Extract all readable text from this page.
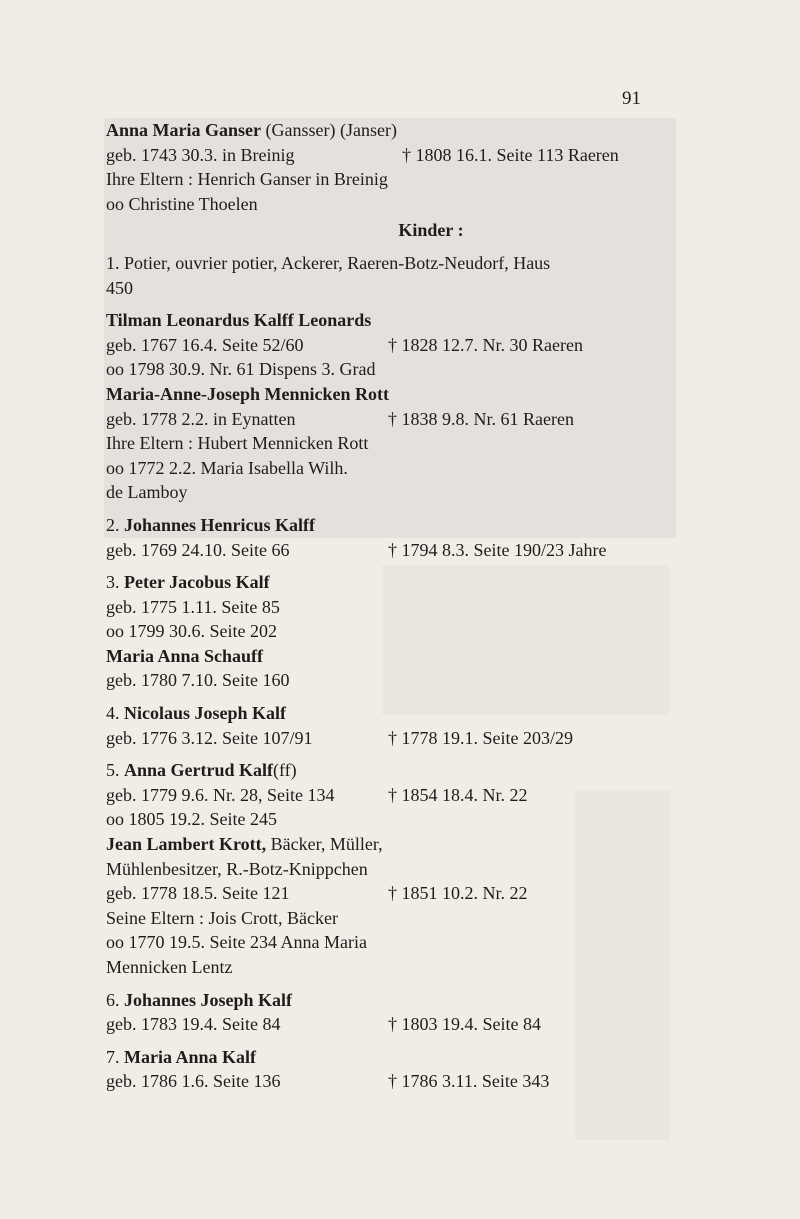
91
Anna Maria Ganser (Gansser) (Janser)
geb. 1743 30.3. in Breinig	† 1808 16.1. Seite 113 Raeren
Ihre Eltern : Henrich Ganser in Breinig
oo Christine Thoelen
Kinder :
1. Potier, ouvrier potier, Ackerer, Raeren-Botz-Neudorf, Haus
450
Tilman Leonardus Kalff Leonards
geb. 1767 16.4. Seite 52/60	† 1828 12.7. Nr. 30 Raeren
oo 1798 30.9. Nr. 61 Dispens 3. Grad
Maria-Anne-Joseph Mennicken Rott
geb. 1778 2.2. in Eynatten	† 1838 9.8. Nr. 61 Raeren
Ihre Eltern : Hubert Mennicken Rott
oo 1772 2.2. Maria Isabella Wilh.
de Lamboy
2. Johannes Henricus Kalff
geb. 1769 24.10. Seite 66	† 1794 8.3. Seite 190/23 Jahre
3. Peter Jacobus Kalf
geb. 1775 1.11. Seite 85
oo 1799 30.6. Seite 202
Maria Anna Schauff
geb. 1780 7.10. Seite 160
4. Nicolaus Joseph Kalf
geb. 1776 3.12. Seite 107/91	† 1778 19.1. Seite 203/29
5. Anna Gertrud Kalf(ff)
geb. 1779 9.6. Nr. 28, Seite 134	† 1854 18.4. Nr. 22
oo 1805 19.2. Seite 245
Jean Lambert Krott, Bäcker, Müller,
Mühlenbesitzer, R.-Botz-Knippchen
geb. 1778 18.5. Seite 121	† 1851 10.2. Nr. 22
Seine Eltern : Jois Crott, Bäcker
oo 1770 19.5. Seite 234 Anna Maria
Mennicken Lentz
6. Johannes Joseph Kalf
geb. 1783 19.4. Seite 84	† 1803 19.4. Seite 84
7. Maria Anna Kalf
geb. 1786 1.6. Seite 136	† 1786 3.11. Seite 343
